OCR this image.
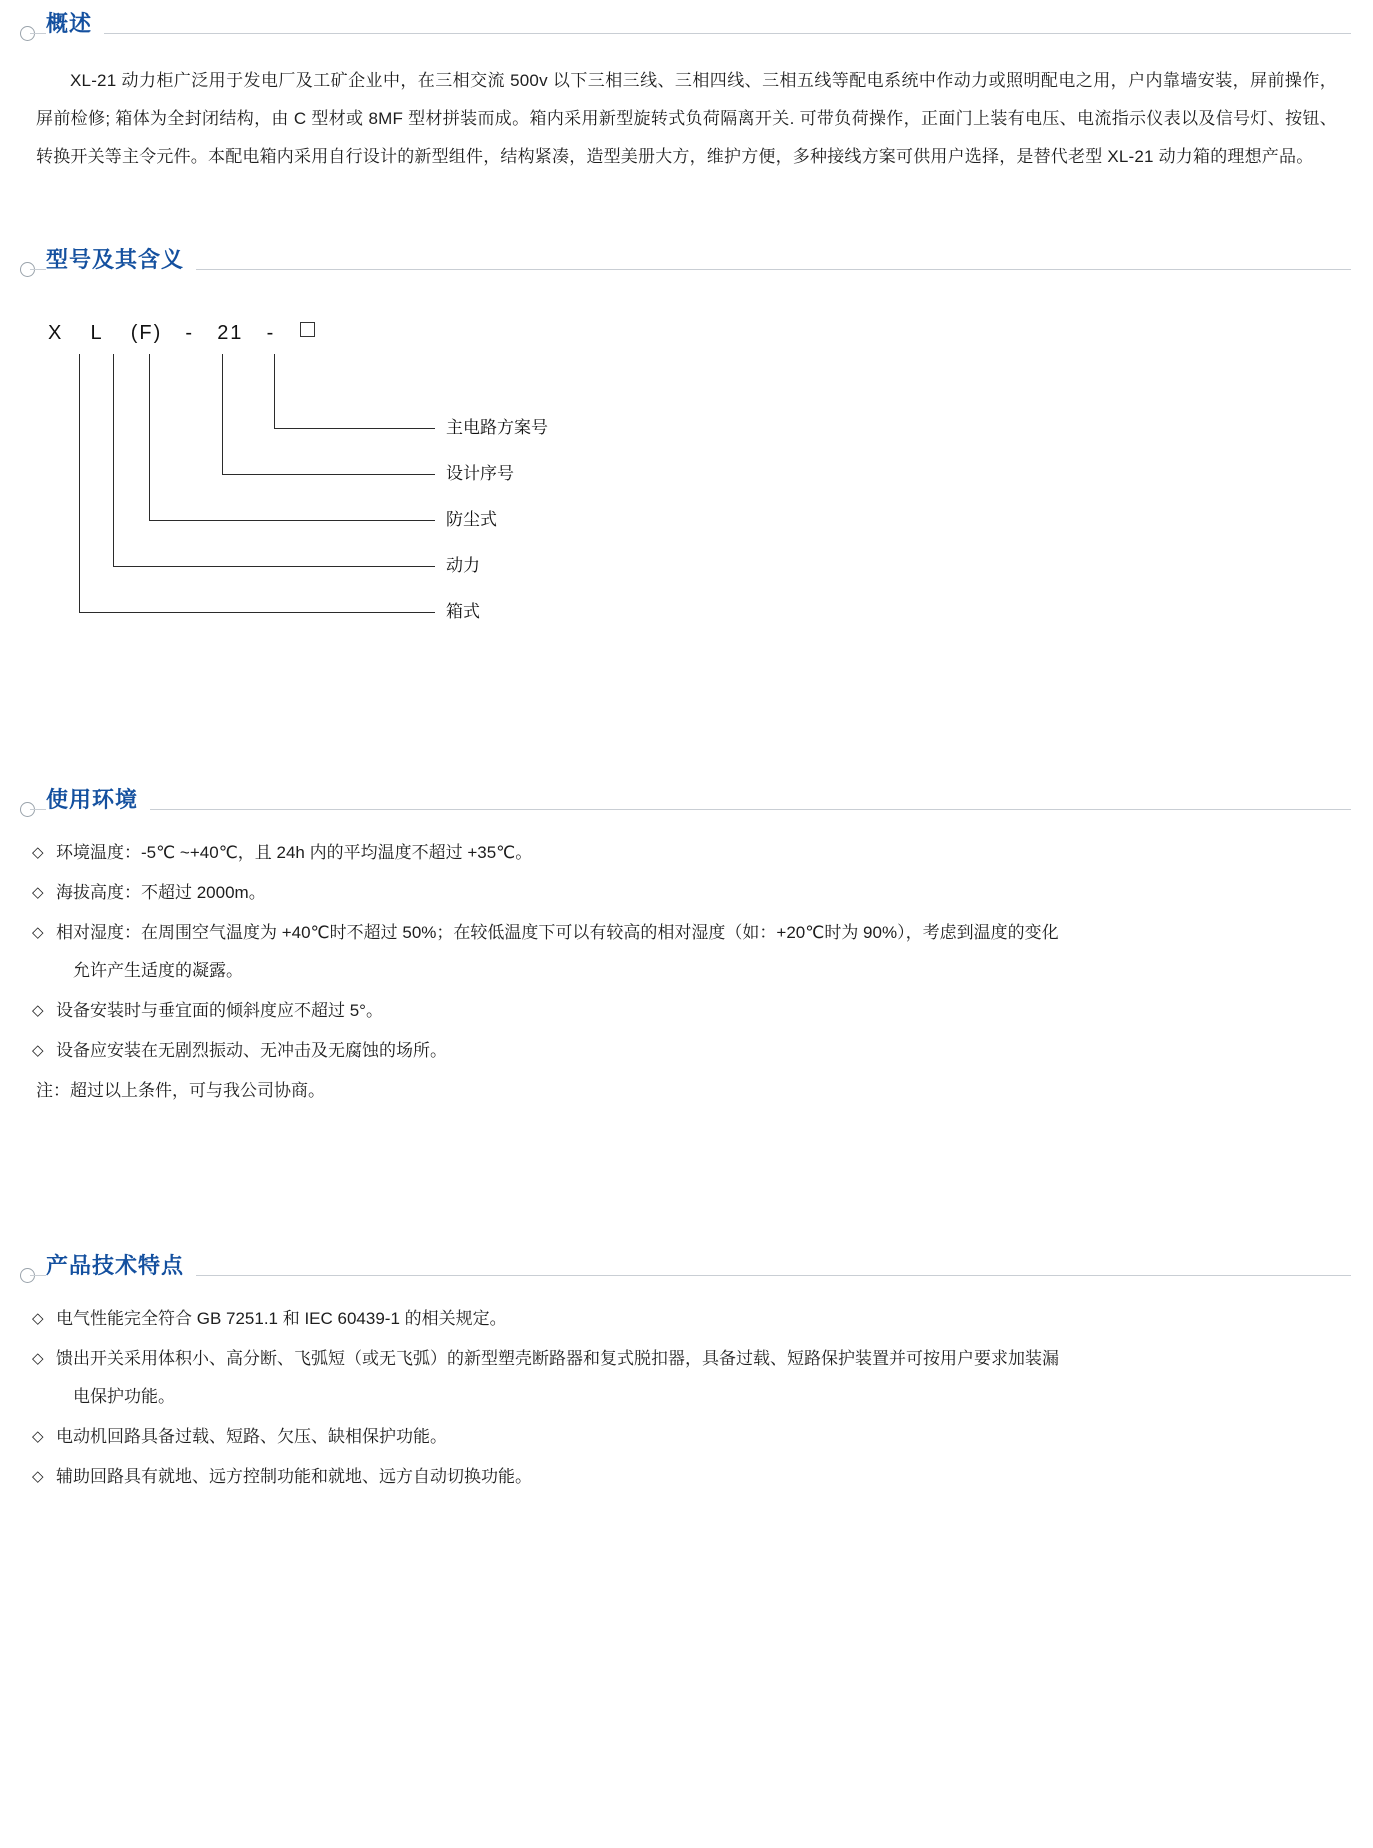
概述

XL-21 动力柜广泛用于发电厂及工矿企业中，在三相交流 500v 以下三相三线、三相四线、三相五线等配电系统中作动力或照明配电之用，户内靠墙安装，屏前操作，屏前检修; 箱体为全封闭结构，由 C 型材或 8MF 型材拼装而成。箱内采用新型旋转式负荷隔离开关. 可带负荷操作，正面门上装有电压、电流指示仪表以及信号灯、按钮、转换开关等主令元件。本配电箱内采用自行设计的新型组件，结构紧凑，造型美册大方，维护方便，多种接线方案可供用户选择，是替代老型 XL-21 动力箱的理想产品。

型号及其含义
X L (F) - 21 -
主电路方案号
设计序号
防尘式
动力
箱式
使用环境
◇ 环境温度：-5℃ ~+40℃，且 24h 内的平均温度不超过 +35℃。
◇ 海拔高度：不超过 2000m。
◇ 相对湿度：在周围空气温度为 +40℃时不超过 50%；在较低温度下可以有较高的相对湿度（如：+20℃时为 90%），考虑到温度的变化
允许产生适度的凝露。
◇ 设备安装时与垂宜面的倾斜度应不超过 5°。
◇ 设备应安装在无剧烈振动、无冲击及无腐蚀的场所。
注：超过以上条件，可与我公司协商。
产品技术特点
◇ 电气性能完全符合 GB 7251.1 和 IEC 60439-1 的相关规定。
◇ 馈出开关采用体积小、高分断、飞弧短（或无飞弧）的新型塑壳断路器和复式脱扣器，具备过载、短路保护装置并可按用户要求加装漏
电保护功能。
◇ 电动机回路具备过载、短路、欠压、缺相保护功能。
◇ 辅助回路具有就地、远方控制功能和就地、远方自动切换功能。
